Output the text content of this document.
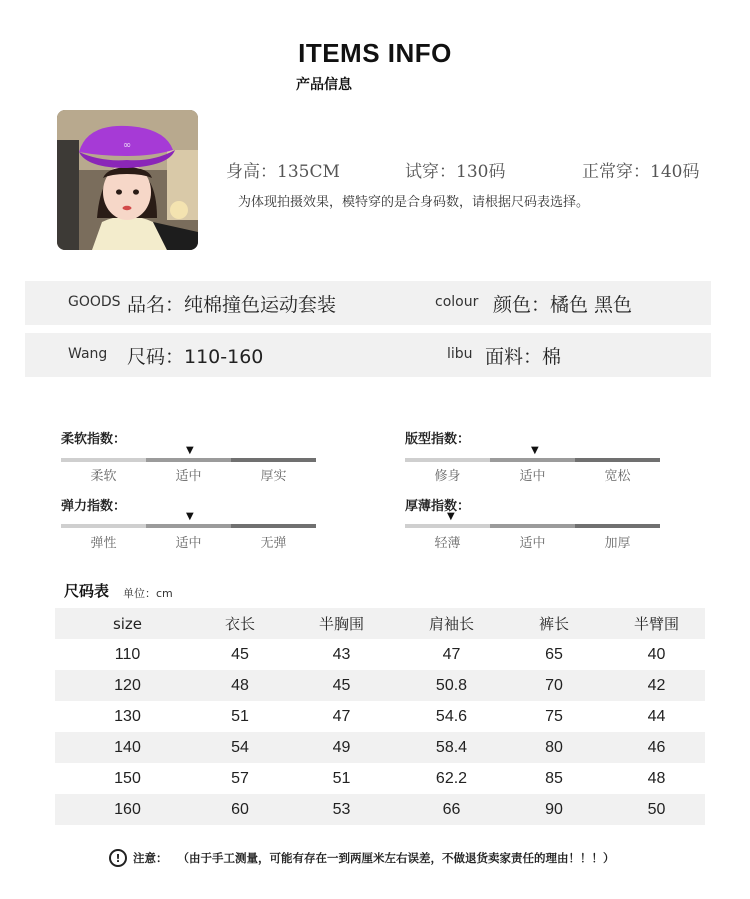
ITEMS INFO
产品信息
∞
身高：135CM	试穿：130码	正常穿：140码
为体现拍摄效果，模特穿的是合身码数，请根据尺码表选择。
GOODS 品名：纯棉撞色运动套装	colour 颜色：橘色 黑色
Wang 尺码：110-160	libu 面料：棉
柔软指数：
▼
柔软	适中	厚实
版型指数：
▼
修身	适中	宽松
弹力指数：
▼
弹性	适中	无弹
厚薄指数：
▼
轻薄	适中	加厚
尺码表 单位：cm
size	衣长	半胸围	肩袖长	裤长	半臂围
110	45	43	47	65	40
120	48	45	50.8	70	42
130	51	47	54.6	75	44
140	54	49	58.4	80	46
150	57	51	62.2	85	48
160	60	53	66	90	50
!	注意： （由于手工测量，可能有存在一到两厘米左右误差，不做退货卖家责任的理由！！！）
